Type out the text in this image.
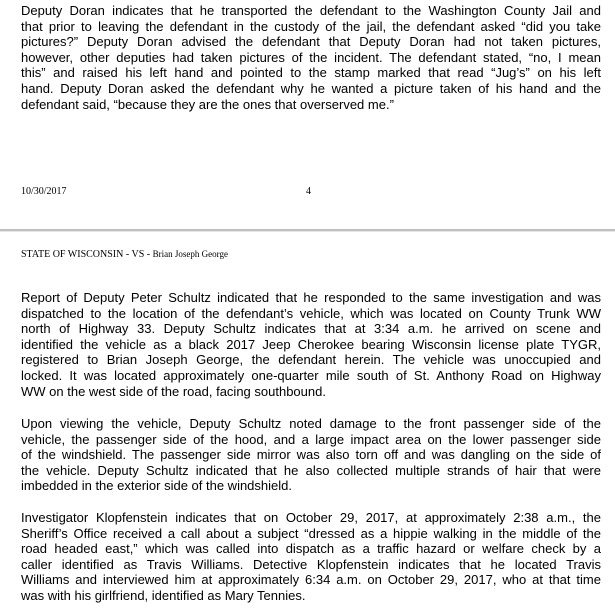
Deputy Doran indicates that he transported the defendant to the Washington County Jail and
that prior to leaving the defendant in the custody of the jail, the defendant asked “did you take
pictures?” Deputy Doran advised the defendant that Deputy Doran had not taken pictures,
however, other deputies had taken pictures of the incident. The defendant stated, “no, I mean
this” and raised his left hand and pointed to the stamp marked that read “Jug’s” on his left
hand. Deputy Doran asked the defendant why he wanted a picture taken of his hand and the
defendant said, “because they are the ones that overserved me.”
10/30/2017	4
STATE OF WISCONSIN - VS - Brian Joseph George
Report of Deputy Peter Schultz indicated that he responded to the same investigation and was
dispatched to the location of the defendant’s vehicle, which was located on County Trunk WW
north of Highway 33. Deputy Schultz indicates that at 3:34 a.m. he arrived on scene and
identified the vehicle as a black 2017 Jeep Cherokee bearing Wisconsin license plate TYGR,
registered to Brian Joseph George, the defendant herein. The vehicle was unoccupied and
locked. It was located approximately one-quarter mile south of St. Anthony Road on Highway
WW on the west side of the road, facing southbound.
Upon viewing the vehicle, Deputy Schultz noted damage to the front passenger side of the
vehicle, the passenger side of the hood, and a large impact area on the lower passenger side
of the windshield. The passenger side mirror was also torn off and was dangling on the side of
the vehicle. Deputy Schultz indicated that he also collected multiple strands of hair that were
imbedded in the exterior side of the windshield.
Investigator Klopfenstein indicates that on October 29, 2017, at approximately 2:38 a.m., the
Sheriff’s Office received a call about a subject “dressed as a hippie walking in the middle of the
road headed east,” which was called into dispatch as a traffic hazard or welfare check by a
caller identified as Travis Williams. Detective Klopfenstein indicates that he located Travis
Williams and interviewed him at approximately 6:34 a.m. on October 29, 2017, who at that time
was with his girlfriend, identified as Mary Tennies.
